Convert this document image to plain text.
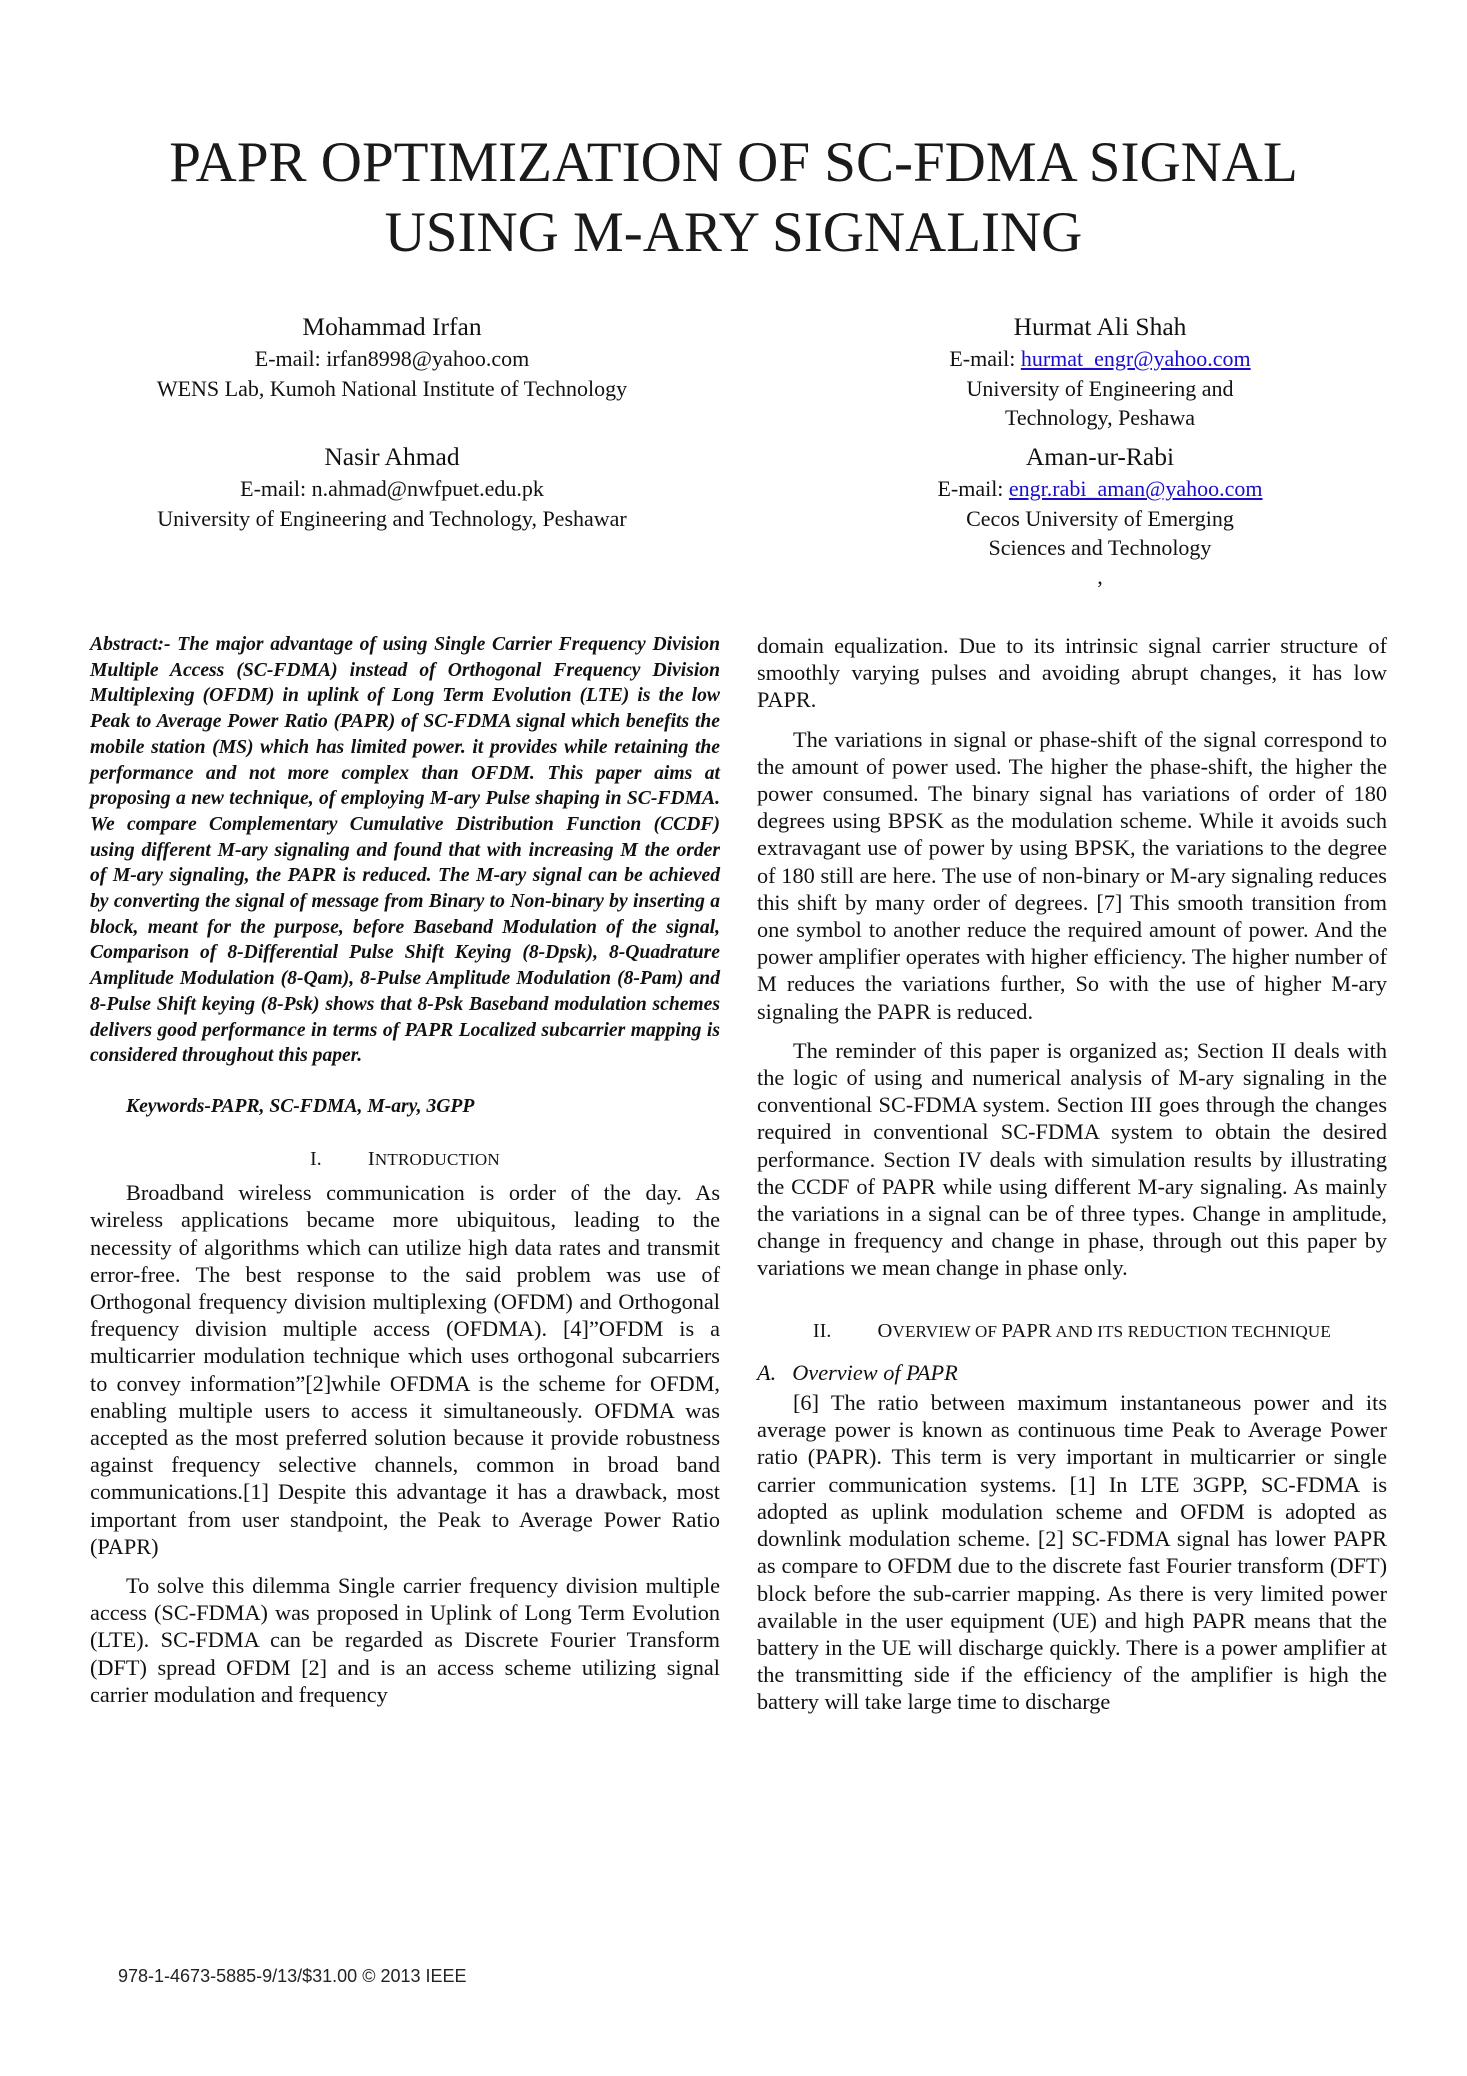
PAPR OPTIMIZATION OF SC-FDMA SIGNAL
USING M-ARY SIGNALING
Mohammad Irfan
E-mail: irfan8998@yahoo.com
WENS Lab, Kumoh National Institute of Technology
Nasir Ahmad
E-mail: n.ahmad@nwfpuet.edu.pk
University of Engineering and Technology, Peshawar
Hurmat Ali Shah
E-mail: hurmat_engr@yahoo.com
University of Engineering and
Technology, Peshawa
Aman-ur-Rabi
E-mail: engr.rabi_aman@yahoo.com
Cecos University of Emerging
Sciences and Technology
,

Abstract:- The major advantage of using Single Carrier Frequency Division Multiple Access (SC-FDMA) instead of Orthogonal Frequency Division Multiplexing (OFDM) in uplink of Long Term Evolution (LTE) is the low Peak to Average Power Ratio (PAPR) of SC-FDMA signal which benefits the mobile station (MS) which has limited power. it provides while retaining the performance and not more complex than OFDM. This paper aims at proposing a new technique, of employing M-ary Pulse shaping in SC-FDMA. We compare Complementary Cumulative Distribution Function (CCDF) using different M-ary signaling and found that with increasing M the order of M-ary signaling, the PAPR is reduced. The M-ary signal can be achieved by converting the signal of message from Binary to Non-binary by inserting a block, meant for the purpose, before Baseband Modulation of the signal, Comparison of 8-Differential Pulse Shift Keying (8-Dpsk), 8-Quadrature Amplitude Modulation (8-Qam), 8-Pulse Amplitude Modulation (8-Pam) and 8-Pulse Shift keying (8-Psk) shows that 8-Psk Baseband modulation schemes delivers good performance in terms of PAPR Localized subcarrier mapping is considered throughout this paper.

Keywords-PAPR, SC-FDMA, M-ary, 3GPP

I. INTRODUCTION

Broadband wireless communication is order of the day. As wireless applications became more ubiquitous, leading to the necessity of algorithms which can utilize high data rates and transmit error-free. The best response to the said problem was use of Orthogonal frequency division multiplexing (OFDM) and Orthogonal frequency division multiple access (OFDMA). [4]”OFDM is a multicarrier modulation technique which uses orthogonal subcarriers to convey information”[2]while OFDMA is the scheme for OFDM, enabling multiple users to access it simultaneously. OFDMA was accepted as the most preferred solution because it provide robustness against frequency selective channels, common in broad band communications.[1] Despite this advantage it has a drawback, most important from user standpoint, the Peak to Average Power Ratio (PAPR)

To solve this dilemma Single carrier frequency division multiple access (SC-FDMA) was proposed in Uplink of Long Term Evolution (LTE). SC-FDMA can be regarded as Discrete Fourier Transform (DFT) spread OFDM [2] and is an access scheme utilizing signal carrier modulation and frequency

domain equalization. Due to its intrinsic signal carrier structure of smoothly varying pulses and avoiding abrupt changes, it has low PAPR.

The variations in signal or phase-shift of the signal correspond to the amount of power used. The higher the phase-shift, the higher the power consumed. The binary signal has variations of order of 180 degrees using BPSK as the modulation scheme. While it avoids such extravagant use of power by using BPSK, the variations to the degree of 180 still are here. The use of non-binary or M-ary signaling reduces this shift by many order of degrees. [7] This smooth transition from one symbol to another reduce the required amount of power. And the power amplifier operates with higher efficiency. The higher number of M reduces the variations further, So with the use of higher M-ary signaling the PAPR is reduced.

The reminder of this paper is organized as; Section II deals with the logic of using and numerical analysis of M-ary signaling in the conventional SC-FDMA system. Section III goes through the changes required in conventional SC-FDMA system to obtain the desired performance. Section IV deals with simulation results by illustrating the CCDF of PAPR while using different M-ary signaling. As mainly the variations in a signal can be of three types. Change in amplitude, change in frequency and change in phase, through out this paper by variations we mean change in phase only.

II. OVERVIEW OF PAPR AND ITS REDUCTION TECHNIQUE

A. Overview of PAPR

[6] The ratio between maximum instantaneous power and its average power is known as continuous time Peak to Average Power ratio (PAPR). This term is very important in multicarrier or single carrier communication systems. [1] In LTE 3GPP, SC-FDMA is adopted as uplink modulation scheme and OFDM is adopted as downlink modulation scheme. [2] SC-FDMA signal has lower PAPR as compare to OFDM due to the discrete fast Fourier transform (DFT) block before the sub-carrier mapping. As there is very limited power available in the user equipment (UE) and high PAPR means that the battery in the UE will discharge quickly. There is a power amplifier at the transmitting side if the efficiency of the amplifier is high the battery will take large time to discharge

978-1-4673-5885-9/13/$31.00 © 2013 IEEE
